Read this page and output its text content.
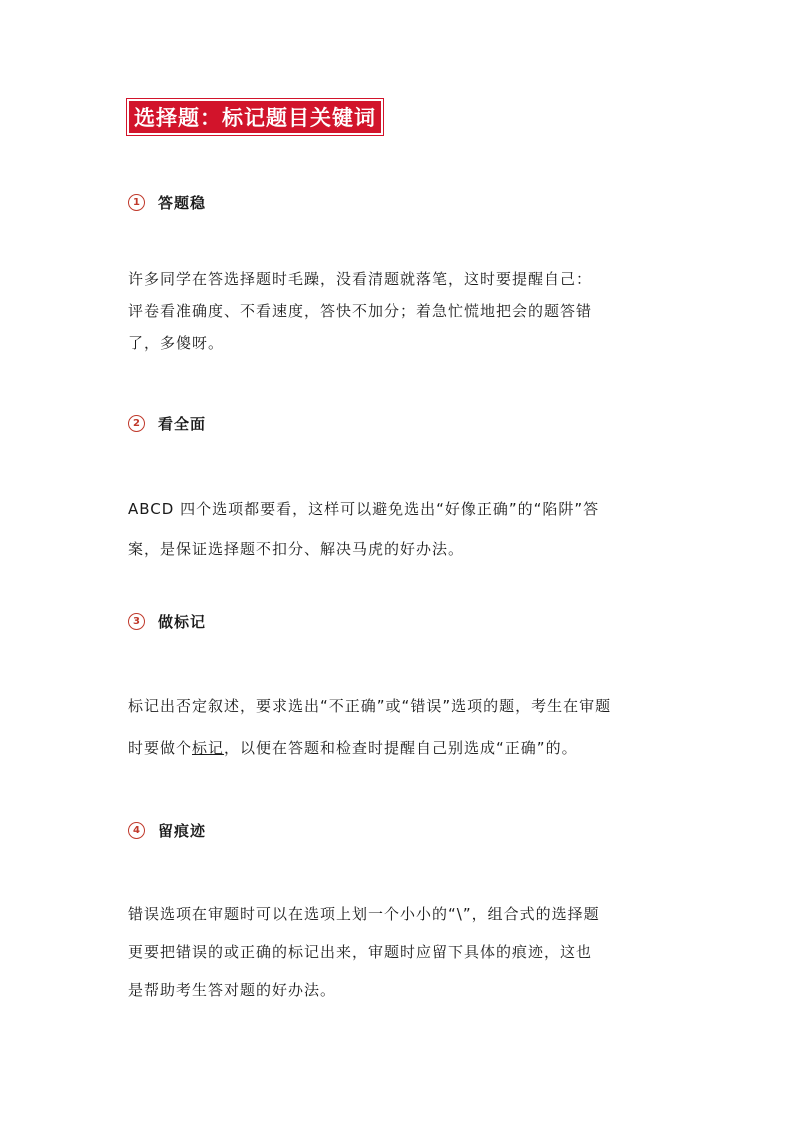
选择题：标记题目关键词
1	答题稳

许多同学在答选择题时毛躁，没看清题就落笔，这时要提醒自己：

评卷看准确度、不看速度，答快不加分；着急忙慌地把会的题答错

了，多傻呀。

2	看全面

ABCD 四个选项都要看，这样可以避免选出“好像正确”的“陷阱”答

案，是保证选择题不扣分、解决马虎的好办法。

3	做标记

标记出否定叙述，要求选出“不正确”或“错误”选项的题，考生在审题

时要做个标记，以便在答题和检查时提醒自己别选成“正确”的。

4	留痕迹

错误选项在审题时可以在选项上划一个小小的“\”，组合式的选择题

更要把错误的或正确的标记出来，审题时应留下具体的痕迹，这也

是帮助考生答对题的好办法。
